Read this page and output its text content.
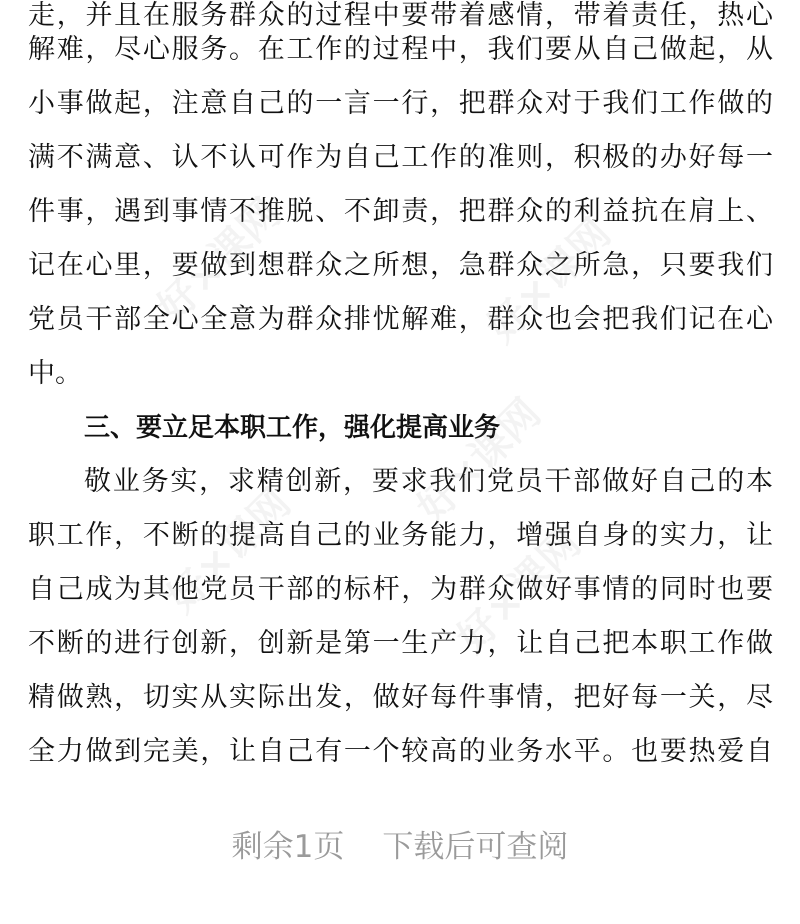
走，并且在服务群众的过程中要带着感情，带着责任，热心
解难，尽心服务。在工作的过程中，我们要从自己做起，从
小事做起，注意自己的一言一行，把群众对于我们工作做的
满不满意、认不认可作为自己工作的准则，积极的办好每一
件事，遇到事情不推脱、不卸责，把群众的利益抗在肩上、
记在心里，要做到想群众之所想，急群众之所急，只要我们
党员干部全心全意为群众排忧解难，群众也会把我们记在心
中。
三、要立足本职工作，强化提高业务
敬业务实，求精创新，要求我们党员干部做好自己的本
职工作，不断的提高自己的业务能力，增强自身的实力，让
自己成为其他党员干部的标杆，为群众做好事情的同时也要
不断的进行创新，创新是第一生产力，让自己把本职工作做
精做熟，切实从实际出发，做好每件事情，把好每一关，尽
全力做到完美，让自己有一个较高的业务水平。也要热爱自
好×课网	好×课网
好×课网
好×课网	好×课网
剩余1页 下载后可查阅
